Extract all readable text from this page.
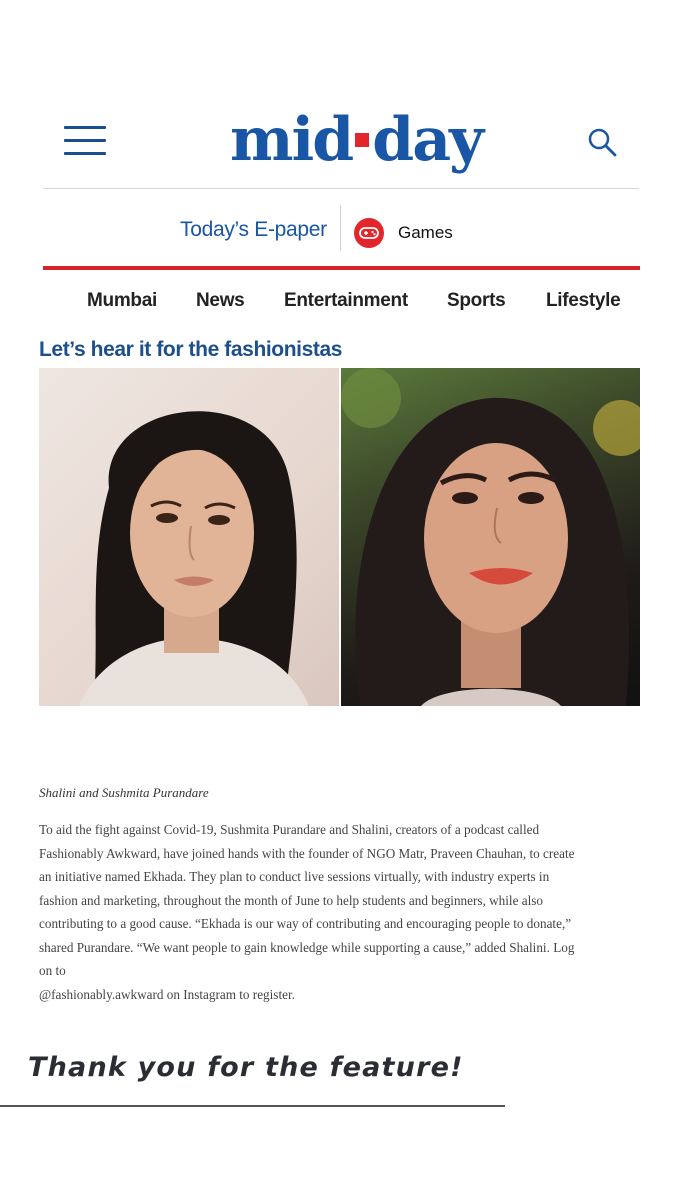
mid day
Today’s E-paper	Games
Mumbai News Entertainment Sports Lifestyle
Let’s hear it for the fashionistas
Shalini and Sushmita Purandare

To aid the fight against Covid-19, Sushmita Purandare and Shalini, creators of a podcast called

Fashionably Awkward, have joined hands with the founder of NGO Matr, Praveen Chauhan, to create

an initiative named Ekhada. They plan to conduct live sessions virtually, with industry experts in

fashion and marketing, throughout the month of June to help students and beginners, while also

contributing to a good cause. “Ekhada is our way of contributing and encouraging people to donate,”

shared Purandare. “We want people to gain knowledge while supporting a cause,” added Shalini. Log

on to

@fashionably.awkward on Instagram to register.

Thank you for the feature!
